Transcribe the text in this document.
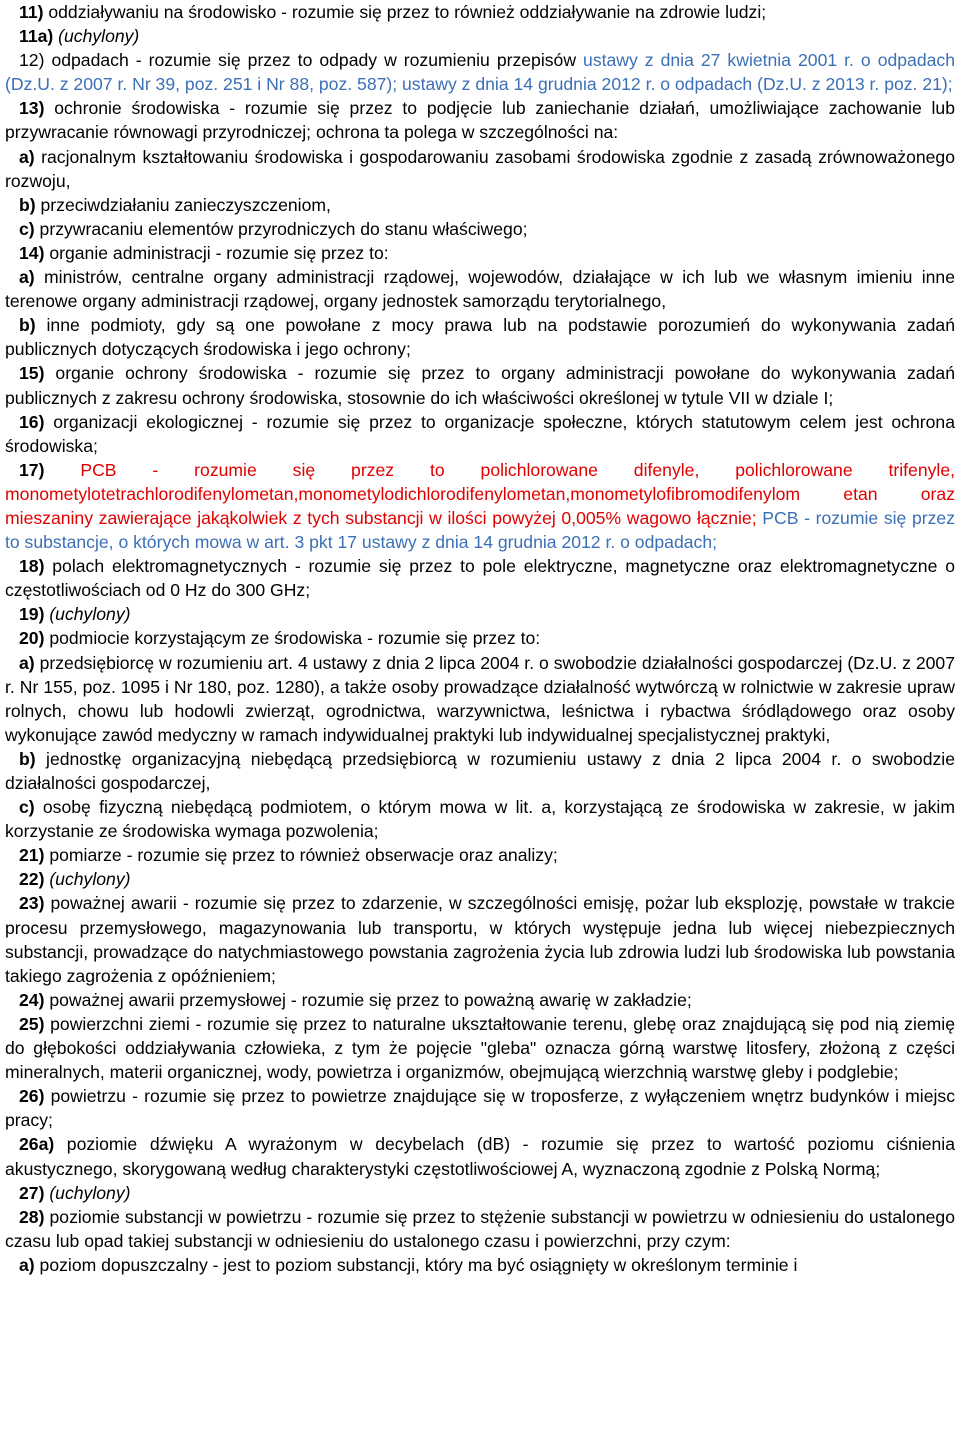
11) oddziaływaniu na środowisko - rozumie się przez to również oddziaływanie na zdrowie ludzi;

11a) (uchylony)

12) odpadach - rozumie się przez to odpady w rozumieniu przepisów ustawy z dnia 27 kwietnia 2001 r. o odpadach (Dz.U. z 2007 r. Nr 39, poz. 251 i Nr 88, poz. 587); ustawy z dnia 14 grudnia 2012 r. o odpadach (Dz.U. z 2013 r. poz. 21);

13) ochronie środowiska - rozumie się przez to podjęcie lub zaniechanie działań, umożliwiające zachowanie lub przywracanie równowagi przyrodniczej; ochrona ta polega w szczególności na:

a) racjonalnym kształtowaniu środowiska i gospodarowaniu zasobami środowiska zgodnie z zasadą zrównoważonego rozwoju,

b) przeciwdziałaniu zanieczyszczeniom,

c) przywracaniu elementów przyrodniczych do stanu właściwego;

14) organie administracji - rozumie się przez to:

a) ministrów, centralne organy administracji rządowej, wojewodów, działające w ich lub we własnym imieniu inne terenowe organy administracji rządowej, organy jednostek samorządu terytorialnego,

b) inne podmioty, gdy są one powołane z mocy prawa lub na podstawie porozumień do wykonywania zadań publicznych dotyczących środowiska i jego ochrony;

15) organie ochrony środowiska - rozumie się przez to organy administracji powołane do wykonywania zadań publicznych z zakresu ochrony środowiska, stosownie do ich właściwości określonej w tytule VII w dziale I;

16) organizacji ekologicznej - rozumie się przez to organizacje społeczne, których statutowym celem jest ochrona środowiska;

17) PCB - rozumie się przez to polichlorowane difenyle, polichlorowane trifenyle, monometylotetrachlorodifenylometan,monometylodichlorodifenylometan,monometylofibromodifenylom etan oraz mieszaniny zawierające jakąkolwiek z tych substancji w ilości powyżej 0,005% wagowo łącznie; PCB - rozumie się przez to substancje, o których mowa w art. 3 pkt 17 ustawy z dnia 14 grudnia 2012 r. o odpadach;

18) polach elektromagnetycznych - rozumie się przez to pole elektryczne, magnetyczne oraz elektromagnetyczne o częstotliwościach od 0 Hz do 300 GHz;

19) (uchylony)

20) podmiocie korzystającym ze środowiska - rozumie się przez to:

a) przedsiębiorcę w rozumieniu art. 4 ustawy z dnia 2 lipca 2004 r. o swobodzie działalności gospodarczej (Dz.U. z 2007 r. Nr 155, poz. 1095 i Nr 180, poz. 1280), a także osoby prowadzące działalność wytwórczą w rolnictwie w zakresie upraw rolnych, chowu lub hodowli zwierząt, ogrodnictwa, warzywnictwa, leśnictwa i rybactwa śródlądowego oraz osoby wykonujące zawód medyczny w ramach indywidualnej praktyki lub indywidualnej specjalistycznej praktyki,

b) jednostkę organizacyjną niebędącą przedsiębiorcą w rozumieniu ustawy z dnia 2 lipca 2004 r. o swobodzie działalności gospodarczej,

c) osobę fizyczną niebędącą podmiotem, o którym mowa w lit. a, korzystającą ze środowiska w zakresie, w jakim korzystanie ze środowiska wymaga pozwolenia;

21) pomiarze - rozumie się przez to również obserwacje oraz analizy;

22) (uchylony)

23) poważnej awarii - rozumie się przez to zdarzenie, w szczególności emisję, pożar lub eksplozję, powstałe w trakcie procesu przemysłowego, magazynowania lub transportu, w których występuje jedna lub więcej niebezpiecznych substancji, prowadzące do natychmiastowego powstania zagrożenia życia lub zdrowia ludzi lub środowiska lub powstania takiego zagrożenia z opóźnieniem;

24) poważnej awarii przemysłowej - rozumie się przez to poważną awarię w zakładzie;

25) powierzchni ziemi - rozumie się przez to naturalne ukształtowanie terenu, glebę oraz znajdującą się pod nią ziemię do głębokości oddziaływania człowieka, z tym że pojęcie "gleba" oznacza górną warstwę litosfery, złożoną z części mineralnych, materii organicznej, wody, powietrza i organizmów, obejmującą wierzchnią warstwę gleby i podglebie;

26) powietrzu - rozumie się przez to powietrze znajdujące się w troposferze, z wyłączeniem wnętrz budynków i miejsc pracy;

26a) poziomie dźwięku A wyrażonym w decybelach (dB) - rozumie się przez to wartość poziomu ciśnienia akustycznego, skorygowaną według charakterystyki częstotliwościowej A, wyznaczoną zgodnie z Polską Normą;

27) (uchylony)

28) poziomie substancji w powietrzu - rozumie się przez to stężenie substancji w powietrzu w odniesieniu do ustalonego czasu lub opad takiej substancji w odniesieniu do ustalonego czasu i powierzchni, przy czym:

a) poziom dopuszczalny - jest to poziom substancji, który ma być osiągnięty w określonym terminie i
